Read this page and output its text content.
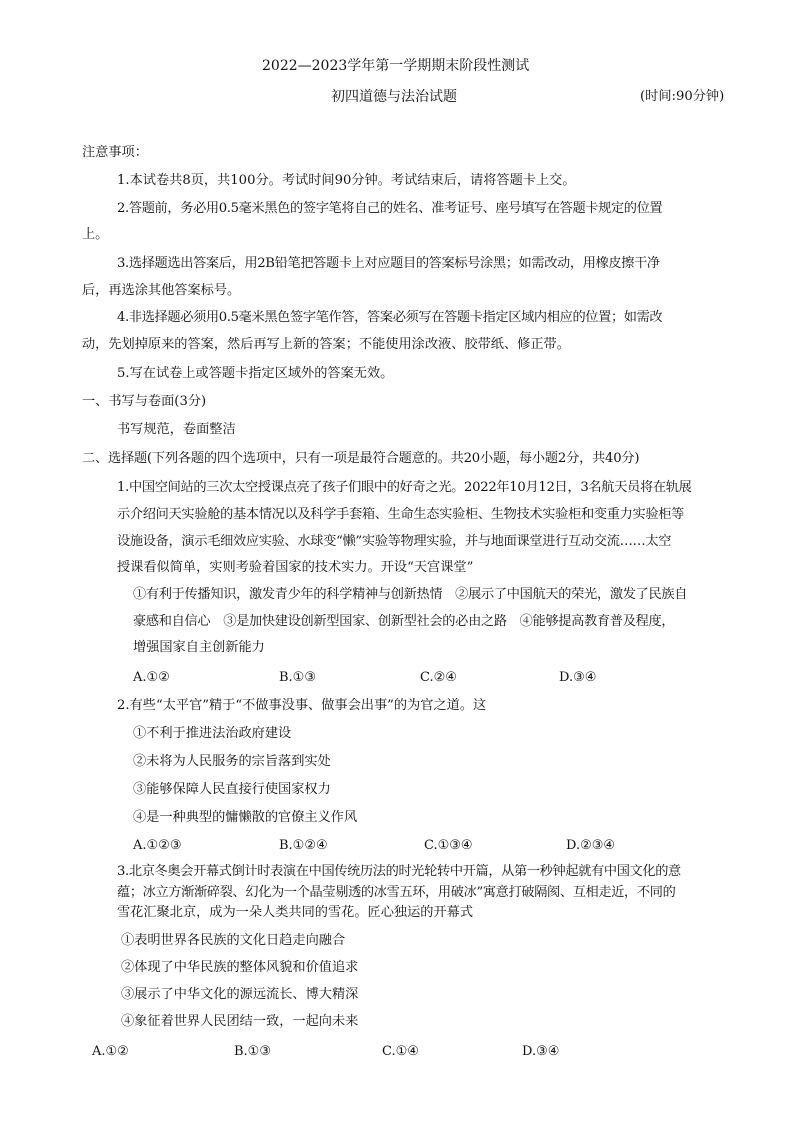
2022—2023学年第一学期期末阶段性测试
初四道德与法治试题	(时间:90分钟)
注意事项：
1.本试卷共8页，共100分。考试时间90分钟。考试结束后，请将答题卡上交。
2.答题前，务必用0.5毫米黑色的签字笔将自己的姓名、准考证号、座号填写在答题卡规定的位置
上。
3.选择题选出答案后，用2B铅笔把答题卡上对应题目的答案标号涂黑；如需改动，用橡皮擦干净
后，再选涂其他答案标号。
4.非选择题必须用0.5毫米黑色签字笔作答，答案必须写在答题卡指定区域内相应的位置；如需改
动，先划掉原来的答案，然后再写上新的答案；不能使用涂改液、胶带纸、修正带。
5.写在试卷上或答题卡指定区域外的答案无效。
一、书写与卷面(3分)
书写规范，卷面整洁
二、选择题(下列各题的四个选项中，只有一项是最符合题意的。共20小题，每小题2分，共40分)
1.中国空间站的三次太空授课点亮了孩子们眼中的好奇之光。2022年10月12日，3名航天员将在轨展
示介绍问天实验舱的基本情况以及科学手套箱、生命生态实验柜、生物技术实验柜和变重力实验柜等
设施设备，演示毛细效应实验、水球变“懒”实验等物理实验，并与地面课堂进行互动交流……太空
授课看似简单，实则考验着国家的技术实力。开设“天宫课堂”
①有利于传播知识，激发青少年的科学精神与创新热情　②展示了中国航天的荣光，激发了民族自
豪感和自信心　③是加快建设创新型国家、创新型社会的必由之路　④能够提高教育普及程度，
增强国家自主创新能力
A.①②	B.①③	C.②④	D.③④
2.有些“太平官”精于“不做事没事、做事会出事”的为官之道。这
①不利于推进法治政府建设
②未将为人民服务的宗旨落到实处
③能够保障人民直接行使国家权力
④是一种典型的慵懒散的官僚主义作风
A.①②③	B.①②④	C.①③④	D.②③④
3.北京冬奥会开幕式倒计时表演在中国传统历法的时光轮转中开篇，从第一秒钟起就有中国文化的意
蕴；冰立方渐渐碎裂、幻化为一个晶莹剔透的冰雪五环，用破冰”寓意打破隔阂、互相走近，不同的
雪花汇聚北京，成为一朵人类共同的雪花。匠心独运的开幕式
①表明世界各民族的文化日趋走向融合
②体现了中华民族的整体风貌和价值追求
③展示了中华文化的源远流长、博大精深
④象征着世界人民团结一致，一起向未来
A.①②	B.①③	C.①④	D.③④
